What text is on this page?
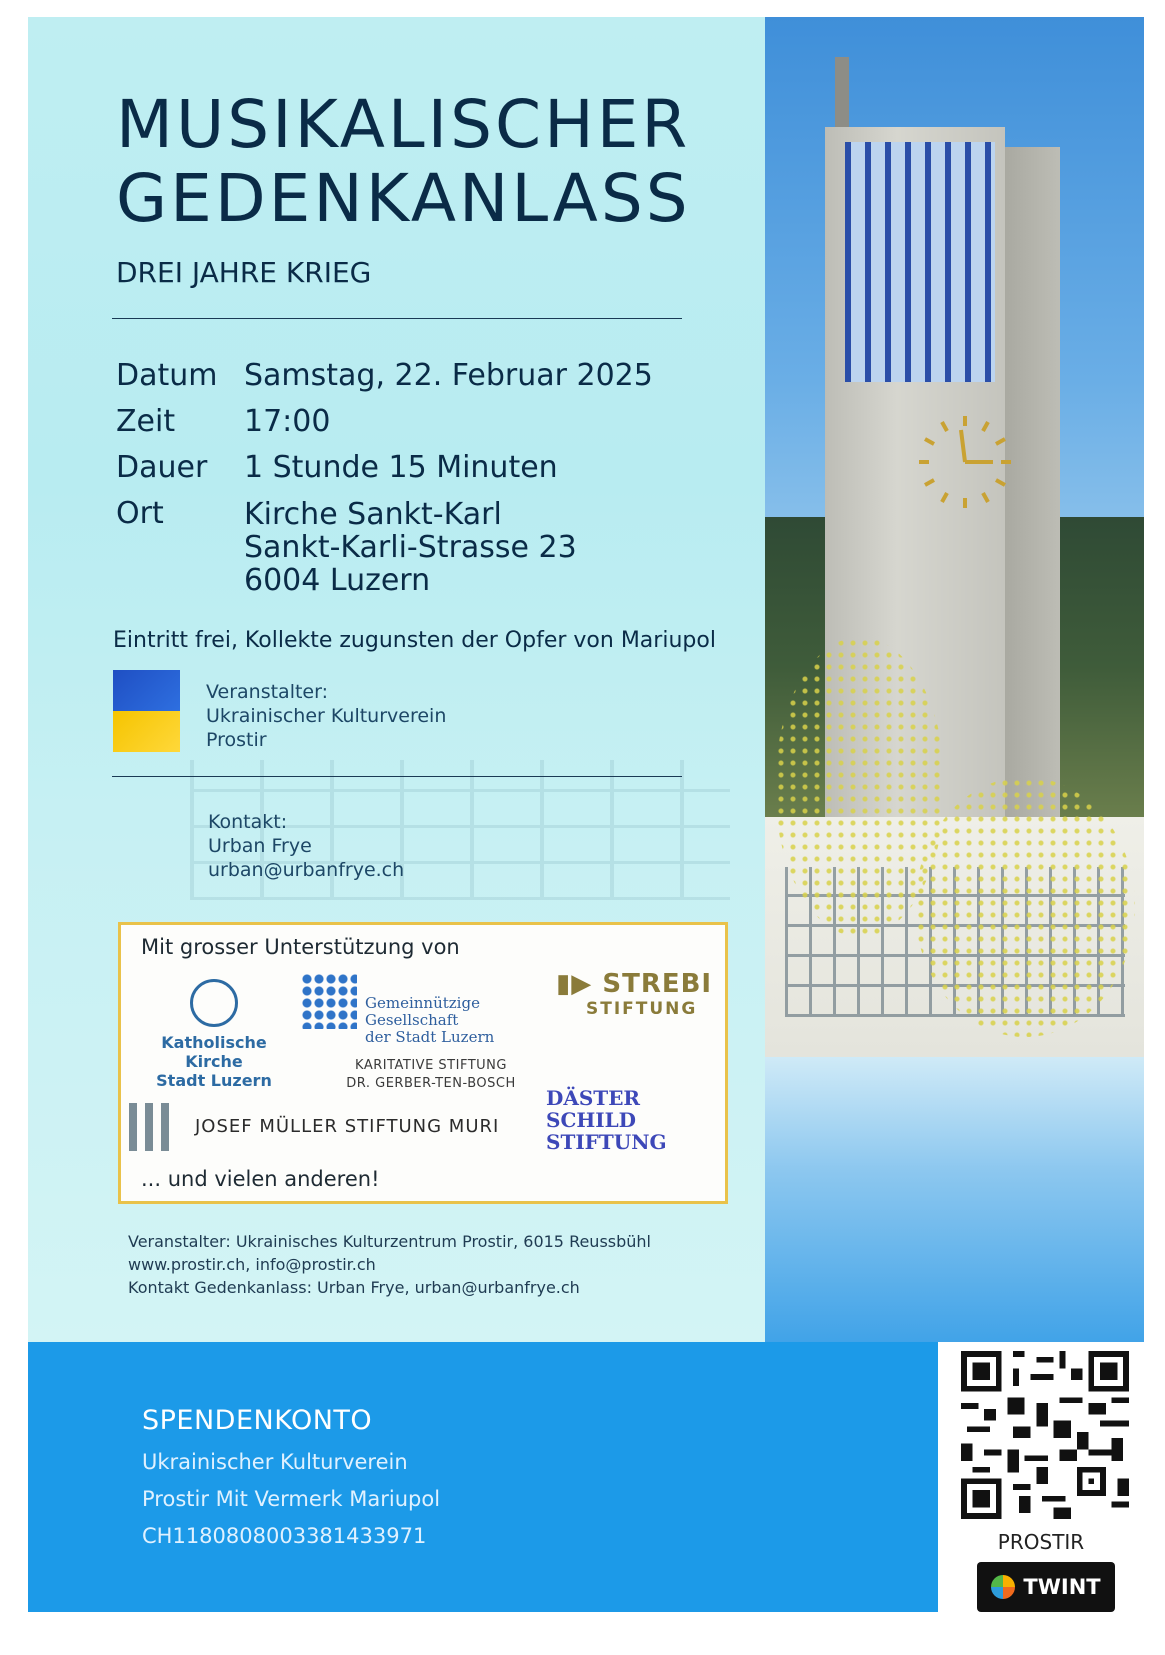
MUSIKALISCHER
GEDENKANLASS
DREI JAHRE KRIEG
Datum Samstag, 22. Februar 2025
Zeit	17:00
Dauer	1 Stunde 15 Minuten
Ort	Kirche Sankt-Karl
Sankt-Karli-Strasse 23
6004 Luzern
Eintritt frei, Kollekte zugunsten der Opfer von Mariupol
Veranstalter:
Ukrainischer Kulturverein
Prostir
Kontakt:
Urban Frye
urban@urbanfrye.ch
Mit grosser Unterstützung von
Katholische Kirche
Stadt Luzern
Gemeinnützige Gesellschaft
der Stadt Luzern
▮▶ STREBI
STIFTUNG
KARITATIVE STIFTUNG
DR. GERBER-TEN-BOSCH
JOSEF MÜLLER STIFTUNG MURI
DÄSTER
SCHILD
STIFTUNG
... und vielen anderen!
Veranstalter: Ukrainisches Kulturzentrum Prostir, 6015 Reussbühl
www.prostir.ch, info@prostir.ch
Kontakt Gedenkanlass: Urban Frye, urban@urbanfrye.ch
SPENDENKONTO
Ukrainischer Kulturverein
Prostir Mit Vermerk Mariupol
CH1180808003381433971	PROSTIR
TWINT
